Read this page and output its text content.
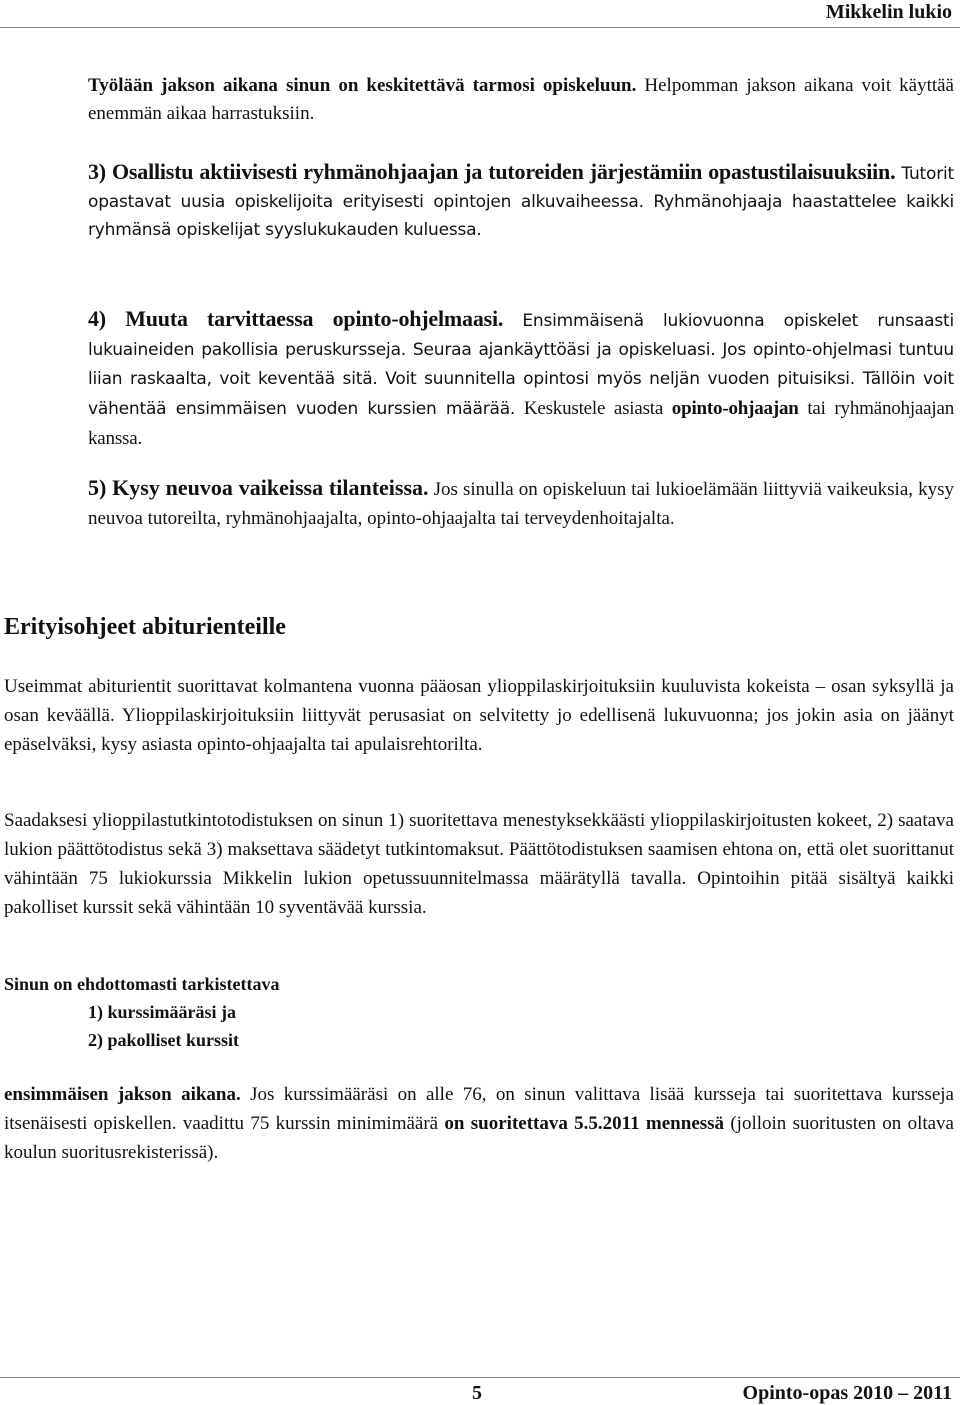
Mikkelin lukio

Työlään jakson aikana sinun on keskitettävä tarmosi opiskeluun. Helpomman jakson aikana voit käyttää enemmän aikaa harrastuksiin.

3) Osallistu aktiivisesti ryhmänohjaajan ja tutoreiden järjestämiin opastustilaisuuksiin. Tutorit opastavat uusia opiskelijoita erityisesti opintojen alkuvaiheessa. Ryhmänohjaaja haastattelee kaikki ryhmänsä opiskelijat syyslukukauden kuluessa.

4) Muuta tarvittaessa opinto-ohjelmaasi. Ensimmäisenä lukiovuonna opiskelet runsaasti lukuaineiden pakollisia peruskursseja. Seuraa ajankäyttöäsi ja opiskeluasi. Jos opinto-ohjelmasi tuntuu liian raskaalta, voit keventää sitä. Voit suunnitella opintosi myös neljän vuoden pituisiksi. Tällöin voit vähentää ensimmäisen vuoden kurssien määrää. Keskustele asiasta opinto-ohjaajan tai ryhmänohjaajan kanssa.

5) Kysy neuvoa vaikeissa tilanteissa. Jos sinulla on opiskeluun tai lukioelämään liittyviä vaikeuksia, kysy neuvoa tutoreilta, ryhmänohjaajalta, opinto-ohjaajalta tai terveydenhoitajalta.

Erityisohjeet abiturienteille

Useimmat abiturientit suorittavat kolmantena vuonna pääosan ylioppilaskirjoituksiin kuuluvista kokeista – osan syksyllä ja osan keväällä. Ylioppilaskirjoituksiin liittyvät perusasiat on selvitetty jo edellisenä lukuvuonna; jos jokin asia on jäänyt epäselväksi, kysy asiasta opinto-ohjaajalta tai apulaisrehtorilta.

Saadaksesi ylioppilastutkintotodistuksen on sinun 1) suoritettava menestyksekkäästi ylioppilaskirjoitusten kokeet, 2) saatava lukion päättötodistus sekä 3) maksettava säädetyt tutkintomaksut. Päättötodistuksen saamisen ehtona on, että olet suorittanut vähintään 75 lukiokurssia Mikkelin lukion opetussuunnitelmassa määrätyllä tavalla. Opintoihin pitää sisältyä kaikki pakolliset kurssit sekä vähintään 10 syventävää kurssia.

Sinun on ehdottomasti tarkistettava
1) kurssimääräsi ja
2) pakolliset kurssit

ensimmäisen jakson aikana. Jos kurssimääräsi on alle 76, on sinun valittava lisää kursseja tai suoritettava kursseja itsenäisesti opiskellen. vaadittu 75 kurssin minimimäärä on suoritettava 5.5.2011 mennessä (jolloin suoritusten on oltava koulun suoritusrekisterissä).

5	Opinto-opas 2010 – 2011
